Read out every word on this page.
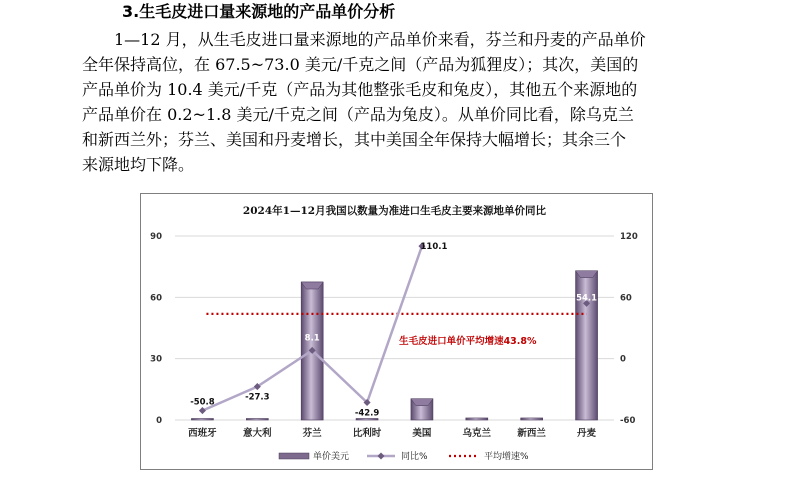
3.生毛皮进口量来源地的产品单价分析

1—12 月，从生毛皮进口量来源地的产品单价来看，芬兰和丹麦的产品单价

全年保持高位，在 67.5~73.0 美元/千克之间（产品为狐狸皮）；其次，美国的

产品单价为 10.4 美元/千克（产品为其他整张毛皮和兔皮），其他五个来源地的

产品单价在 0.2~1.8 美元/千克之间（产品为兔皮）。从单价同比看，除乌克兰

和新西兰外；芬兰、美国和丹麦增长，其中美国全年保持大幅增长；其余三个

来源地均下降。

2024年1—12月我国以数量为准进口生毛皮主要来源地单价同比
0
30
60
90
-60
0
60
120
西班牙	意大利	芬兰	比利时	美国	乌克兰	新西兰	丹麦
生毛皮进口单价平均增速43.8%
-50.8
-27.3
8.1
-42.9
110.1
54.1
单价美元	同比%	平均增速%
